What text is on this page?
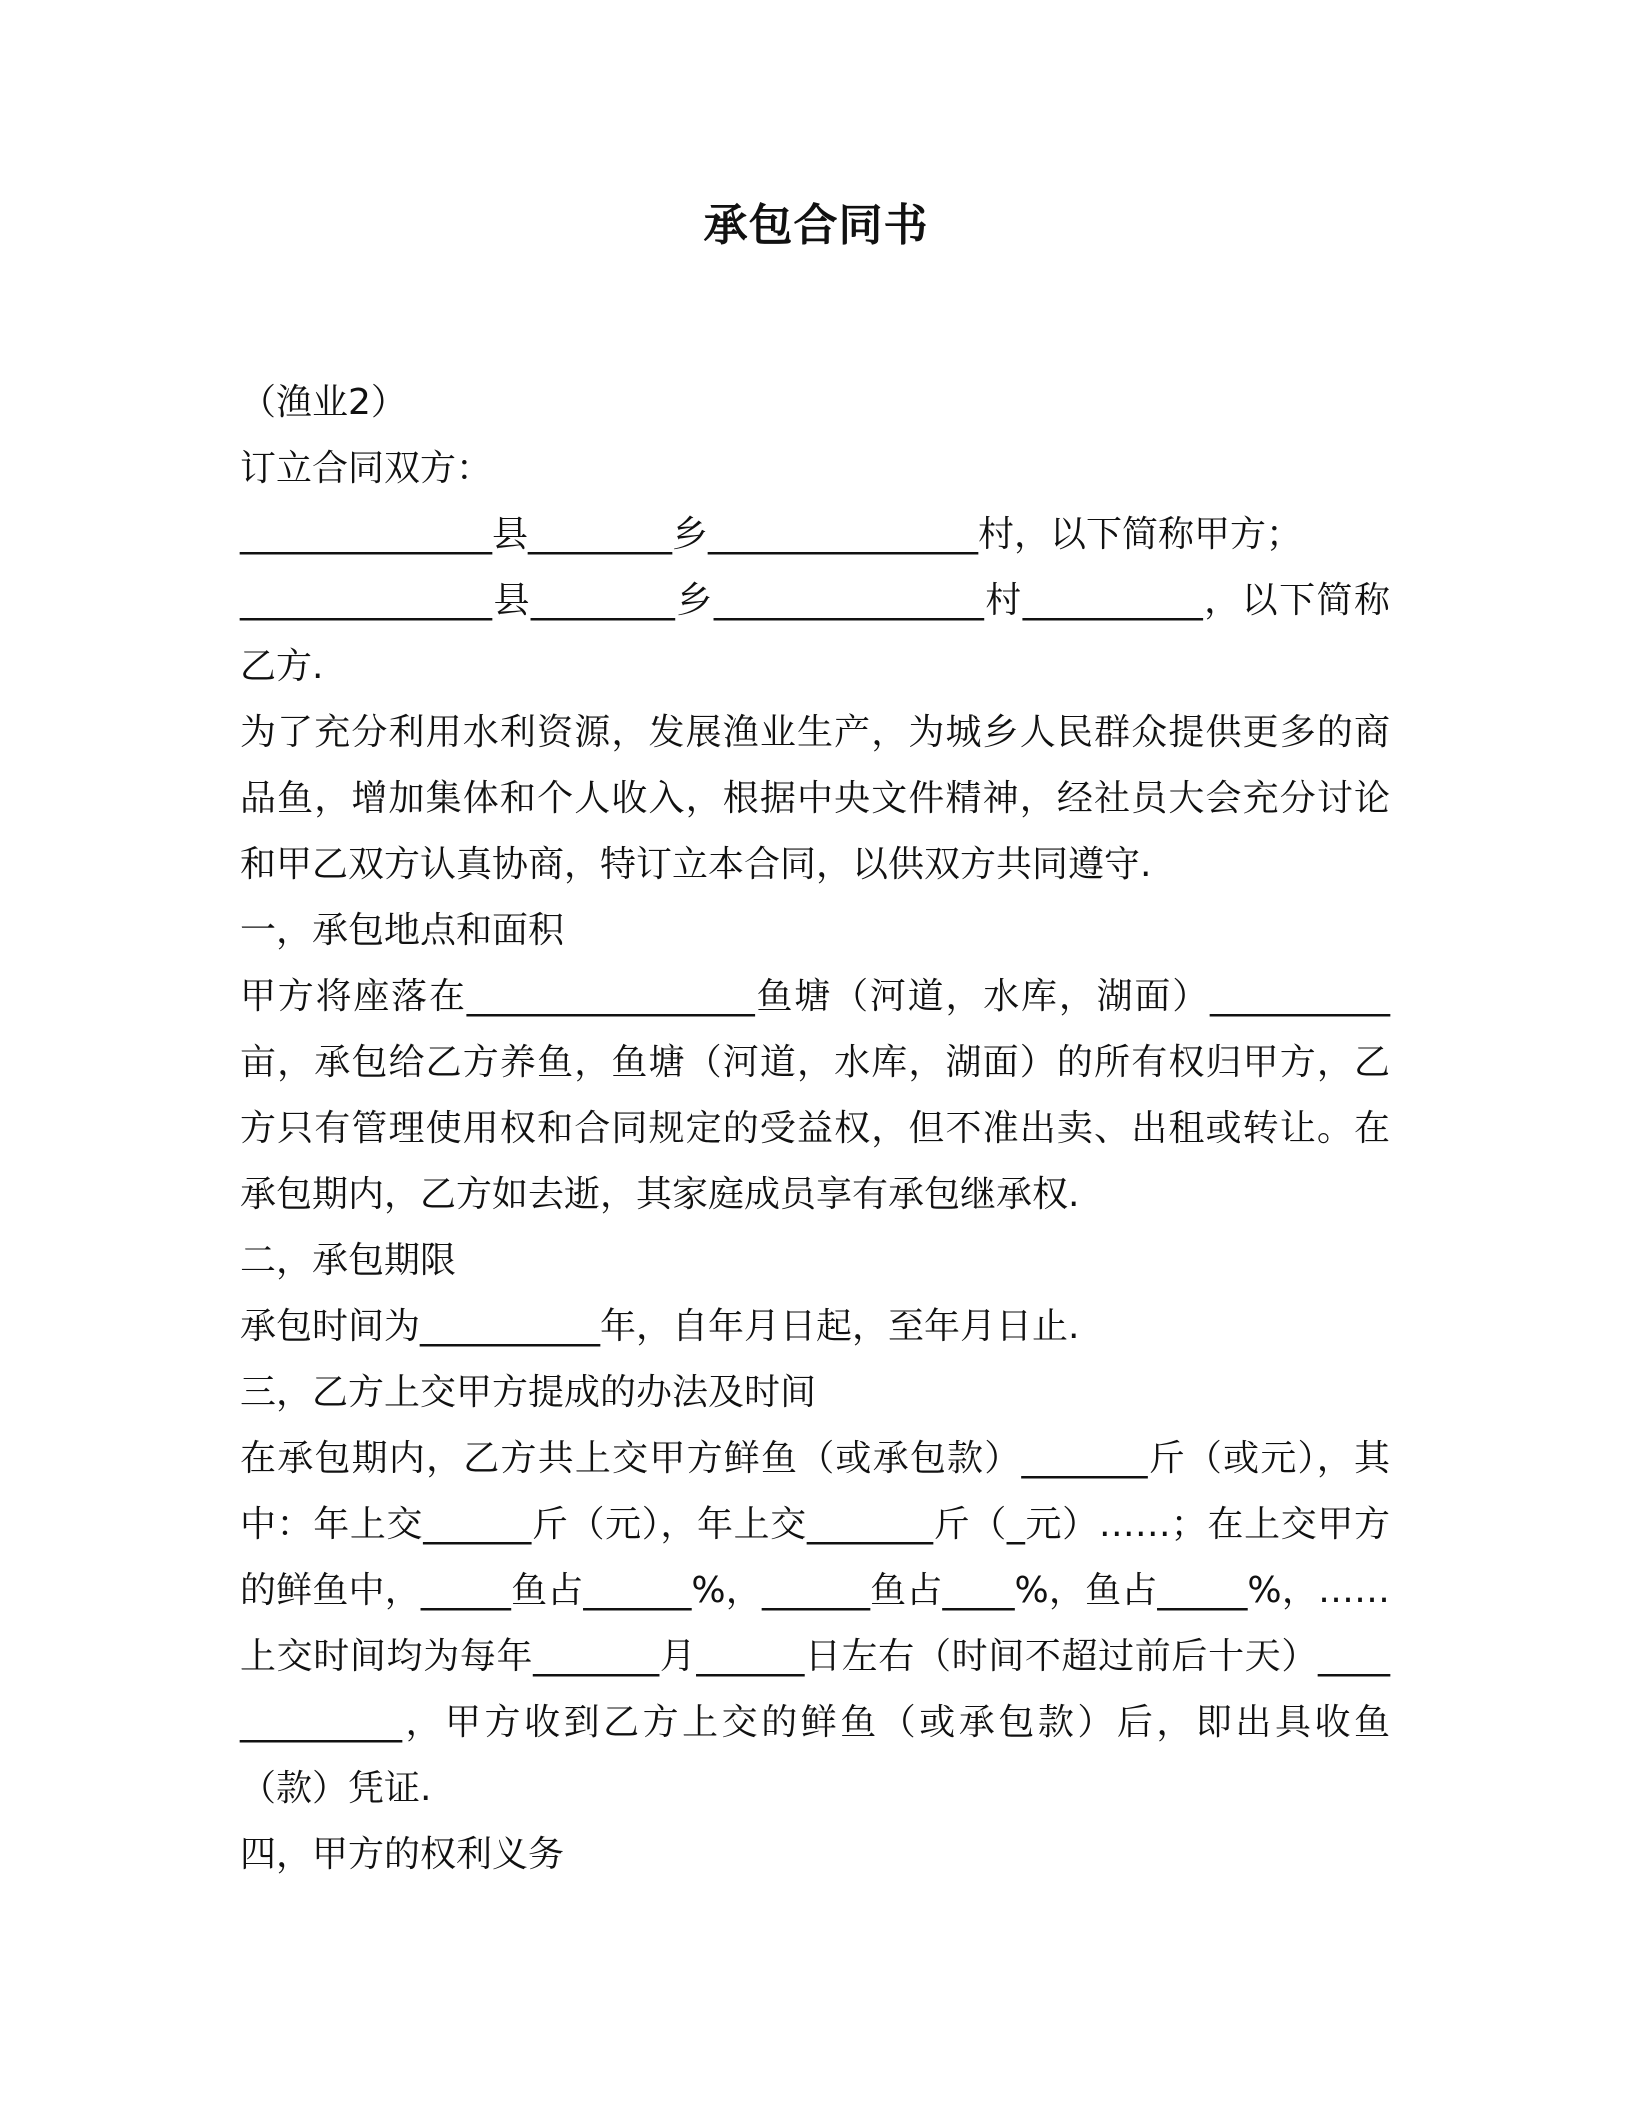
承包合同书

（渔业2）

订立合同双方：

______________县________乡_______________村，以下简称甲方；

______________县________乡_______________村__________，以下简称乙方.

为了充分利用水利资源，发展渔业生产，为城乡人民群众提供更多的商品鱼，增加集体和个人收入，根据中央文件精神，经社员大会充分讨论和甲乙双方认真协商，特订立本合同，以供双方共同遵守.

一，承包地点和面积

甲方将座落在________________鱼塘（河道，水库，湖面）__________亩，承包给乙方养鱼，鱼塘（河道，水库，湖面）的所有权归甲方，乙方只有管理使用权和合同规定的受益权，但不准出卖、出租或转让。在承包期内，乙方如去逝，其家庭成员享有承包继承权.

二，承包期限

承包时间为__________年，自年月日起，至年月日止.

三，乙方上交甲方提成的办法及时间

在承包期内，乙方共上交甲方鲜鱼（或承包款）_______斤（或元），其中：年上交______斤（元），年上交_______斤（_元）……；在上交甲方的鲜鱼中，_____鱼占______%，______鱼占____%，鱼占_____%，……上交时间均为每年_______月______日左右（时间不超过前后十天）_____________，甲方收到乙方上交的鲜鱼（或承包款）后，即出具收鱼（款）凭证.

四，甲方的权利义务
